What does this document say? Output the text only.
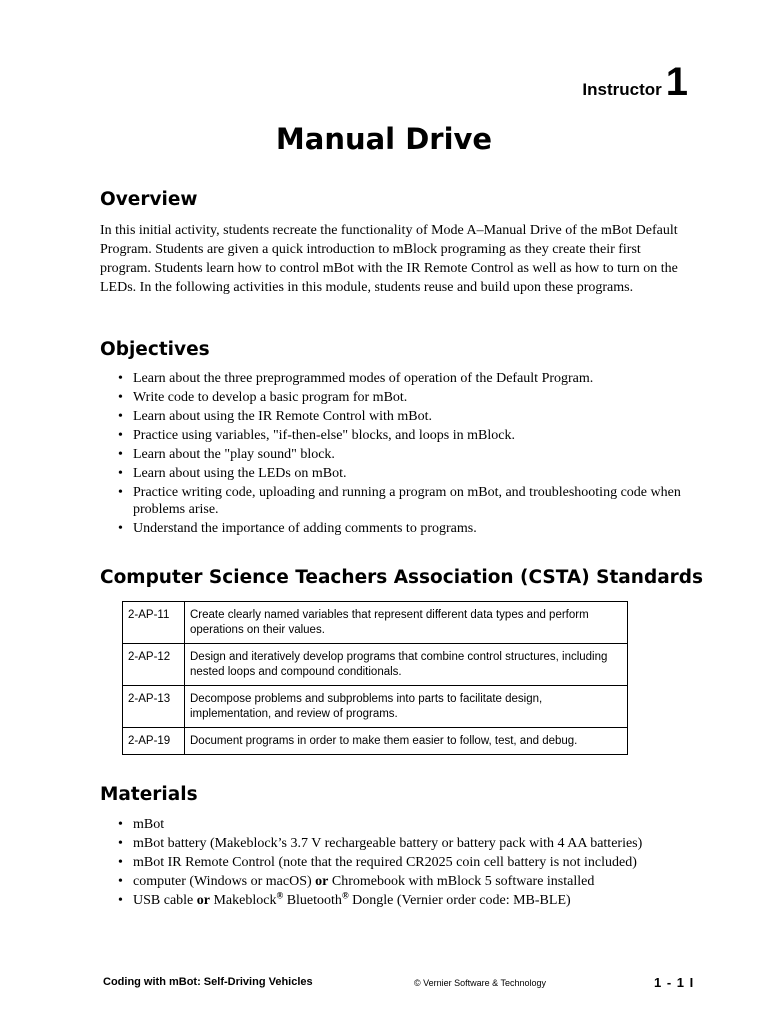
Instructor 1
Manual Drive
Overview

In this initial activity, students recreate the functionality of Mode A–Manual Drive of the mBot Default Program. Students are given a quick introduction to mBlock programing as they create their first program. Students learn how to control mBot with the IR Remote Control as well as how to turn on the LEDs. In the following activities in this module, students reuse and build upon these programs.

Objectives
• Learn about the three preprogrammed modes of operation of the Default Program.
• Write code to develop a basic program for mBot.
• Learn about using the IR Remote Control with mBot.
• Practice using variables, "if-then-else" blocks, and loops in mBlock.
• Learn about the "play sound" block.
• Learn about using the LEDs on mBot.
• Practice writing code, uploading and running a program on mBot, and troubleshooting code when problems arise.
• Understand the importance of adding comments to programs.
Computer Science Teachers Association (CSTA) Standards
2-AP-11	Create clearly named variables that represent different data types and perform operations on their values.
2-AP-12	Design and iteratively develop programs that combine control structures, including nested loops and compound conditionals.
2-AP-13	Decompose problems and subproblems into parts to facilitate design, implementation, and review of programs.
2-AP-19	Document programs in order to make them easier to follow, test, and debug.
Materials
• mBot
• mBot battery (Makeblock’s 3.7 V rechargeable battery or battery pack with 4 AA batteries)
• mBot IR Remote Control (note that the required CR2025 coin cell battery is not included)
• computer (Windows or macOS) or Chromebook with mBlock 5 software installed
• USB cable or Makeblock® Bluetooth® Dongle (Vernier order code: MB-BLE)
Coding with mBot: Self-Driving Vehicles	© Vernier Software & Technology	1 - 1 I
